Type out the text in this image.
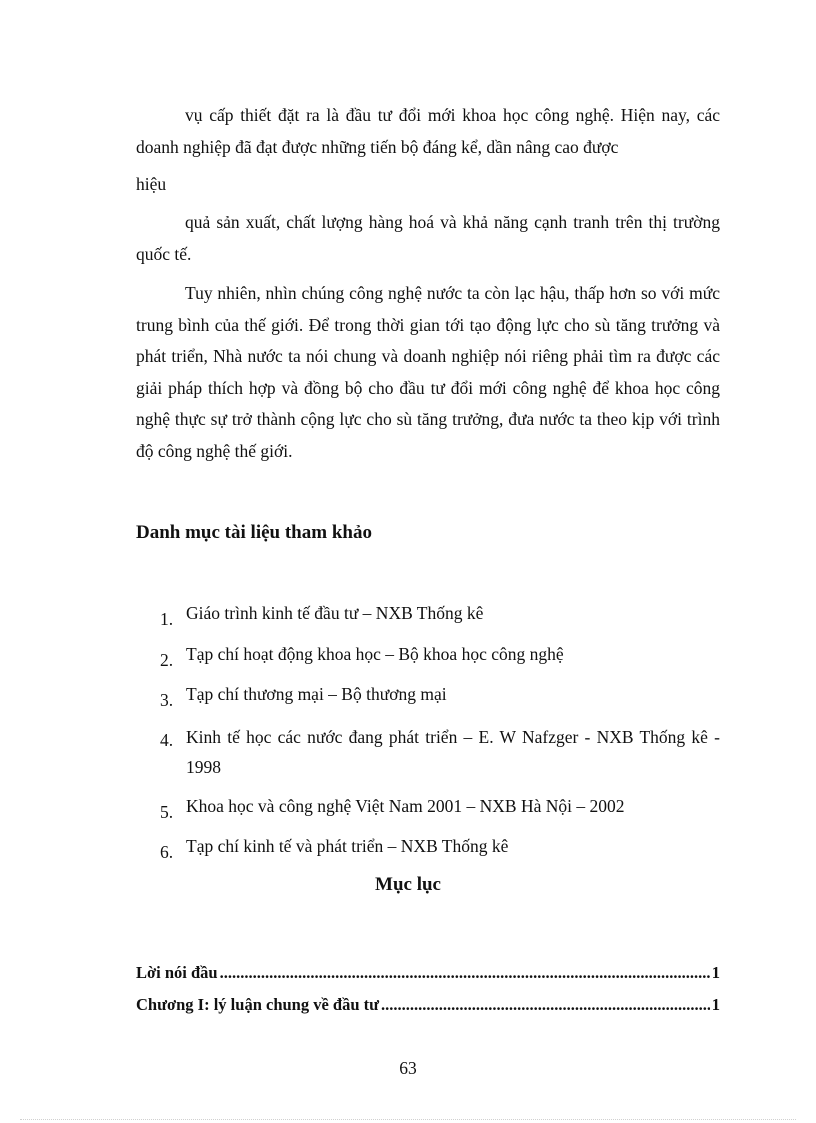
vụ cấp thiết đặt ra là đầu tư đổi mới khoa học công nghệ. Hiện nay, các doanh nghiệp đã đạt được những tiến bộ đáng kể, dần nâng cao được

hiệu

quả sản xuất, chất lượng hàng hoá và khả năng cạnh tranh trên thị trường quốc tế.

Tuy nhiên, nhìn chúng công nghệ nước ta còn lạc hậu, thấp hơn so với mức trung bình của thế giới. Để trong thời gian tới tạo động lực cho sù tăng trưởng và phát triển, Nhà nước ta nói chung và doanh nghiệp nói riêng phải tìm ra được các giải pháp thích hợp và đồng bộ cho đầu tư đổi mới công nghệ để khoa học công nghệ thực sự trở thành cộng lực cho sù tăng trưởng, đưa nước ta theo kịp với trình độ công nghệ thế giới.

Danh mục tài liệu tham khảo
1. Giáo trình kinh tế đầu tư – NXB Thống kê
2. Tạp chí hoạt động khoa học – Bộ khoa học công nghệ
3. Tạp chí thương mại – Bộ thương mại
4. Kinh tế học các nước đang phát triển – E. W Nafzger - NXB Thống kê - 1998
5. Khoa học và công nghệ Việt Nam 2001 – NXB Hà Nội – 2002
6. Tạp chí kinh tế và phát triển – NXB Thống kê
Mục lục
Lời nói đầu .....	1
Chương I: lý luận chung về đầu tư .....	1
63
